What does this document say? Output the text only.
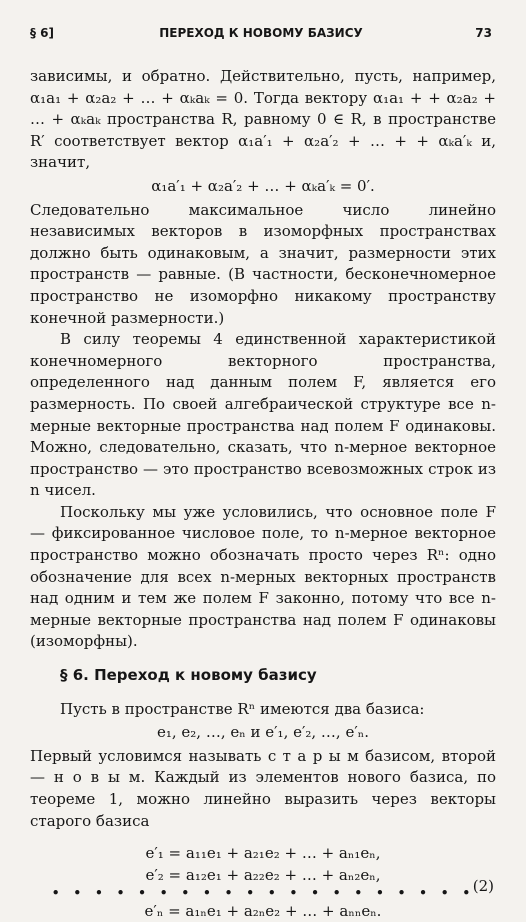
§ 6]	ПЕРЕХОД К НОВОМУ БАЗИСУ	73

зависимы, и обратно. Действительно, пусть, например, α₁a₁ + α₂a₂ + … + αₖaₖ = 0. Тогда вектору α₁a₁ + + α₂a₂ + … + αₖaₖ пространства R, равному 0 ∈ R, в пространстве R′ соответствует вектор α₁a′₁ + α₂a′₂ + … + + αₖa′ₖ и, значит,

α₁a′₁ + α₂a′₂ + … + αₖa′ₖ = 0′.

Следовательно максимальное число линейно независимых векторов в изоморфных пространствах должно быть одинаковым, а значит, размерности этих пространств — равные. (В частности, бесконечномерное пространство не изоморфно никакому пространству конечной размерности.)

В силу теоремы 4 единственной характеристикой конечномерного векторного пространства, определенного над данным полем F, является его размерность. По своей алгебраической структуре все n-мерные векторные пространства над полем F одинаковы. Можно, следовательно, сказать, что n-мерное векторное пространство — это пространство всевозможных строк из n чисел.

Поскольку мы уже условились, что основное поле F — фиксированное числовое поле, то n-мерное векторное пространство можно обозначать просто через Rⁿ: одно обозначение для всех n-мерных векторных пространств над одним и тем же полем F законно, потому что все n-мерные векторные пространства над полем F одинаковы (изоморфны).

§ 6. Переход к новому базису

Пусть в пространстве Rⁿ имеются два базиса:

e₁, e₂, …, eₙ и e′₁, e′₂, …, e′ₙ.

Первый условимся называть с т а р ы м базисом, второй — н о в ы м. Каждый из элементов нового базиса, по теореме 1, можно линейно выразить через векторы старого базиса

e′₁ = a₁₁e₁ + a₂₁e₂ + … + aₙ₁eₙ,
e′₂ = a₁₂e₁ + a₂₂e₂ + … + aₙ₂eₙ,
• • • • • • • • • • • • • • • • • • • •
e′ₙ = a₁ₙe₁ + a₂ₙe₂ + … + aₙₙeₙ.
(2)
